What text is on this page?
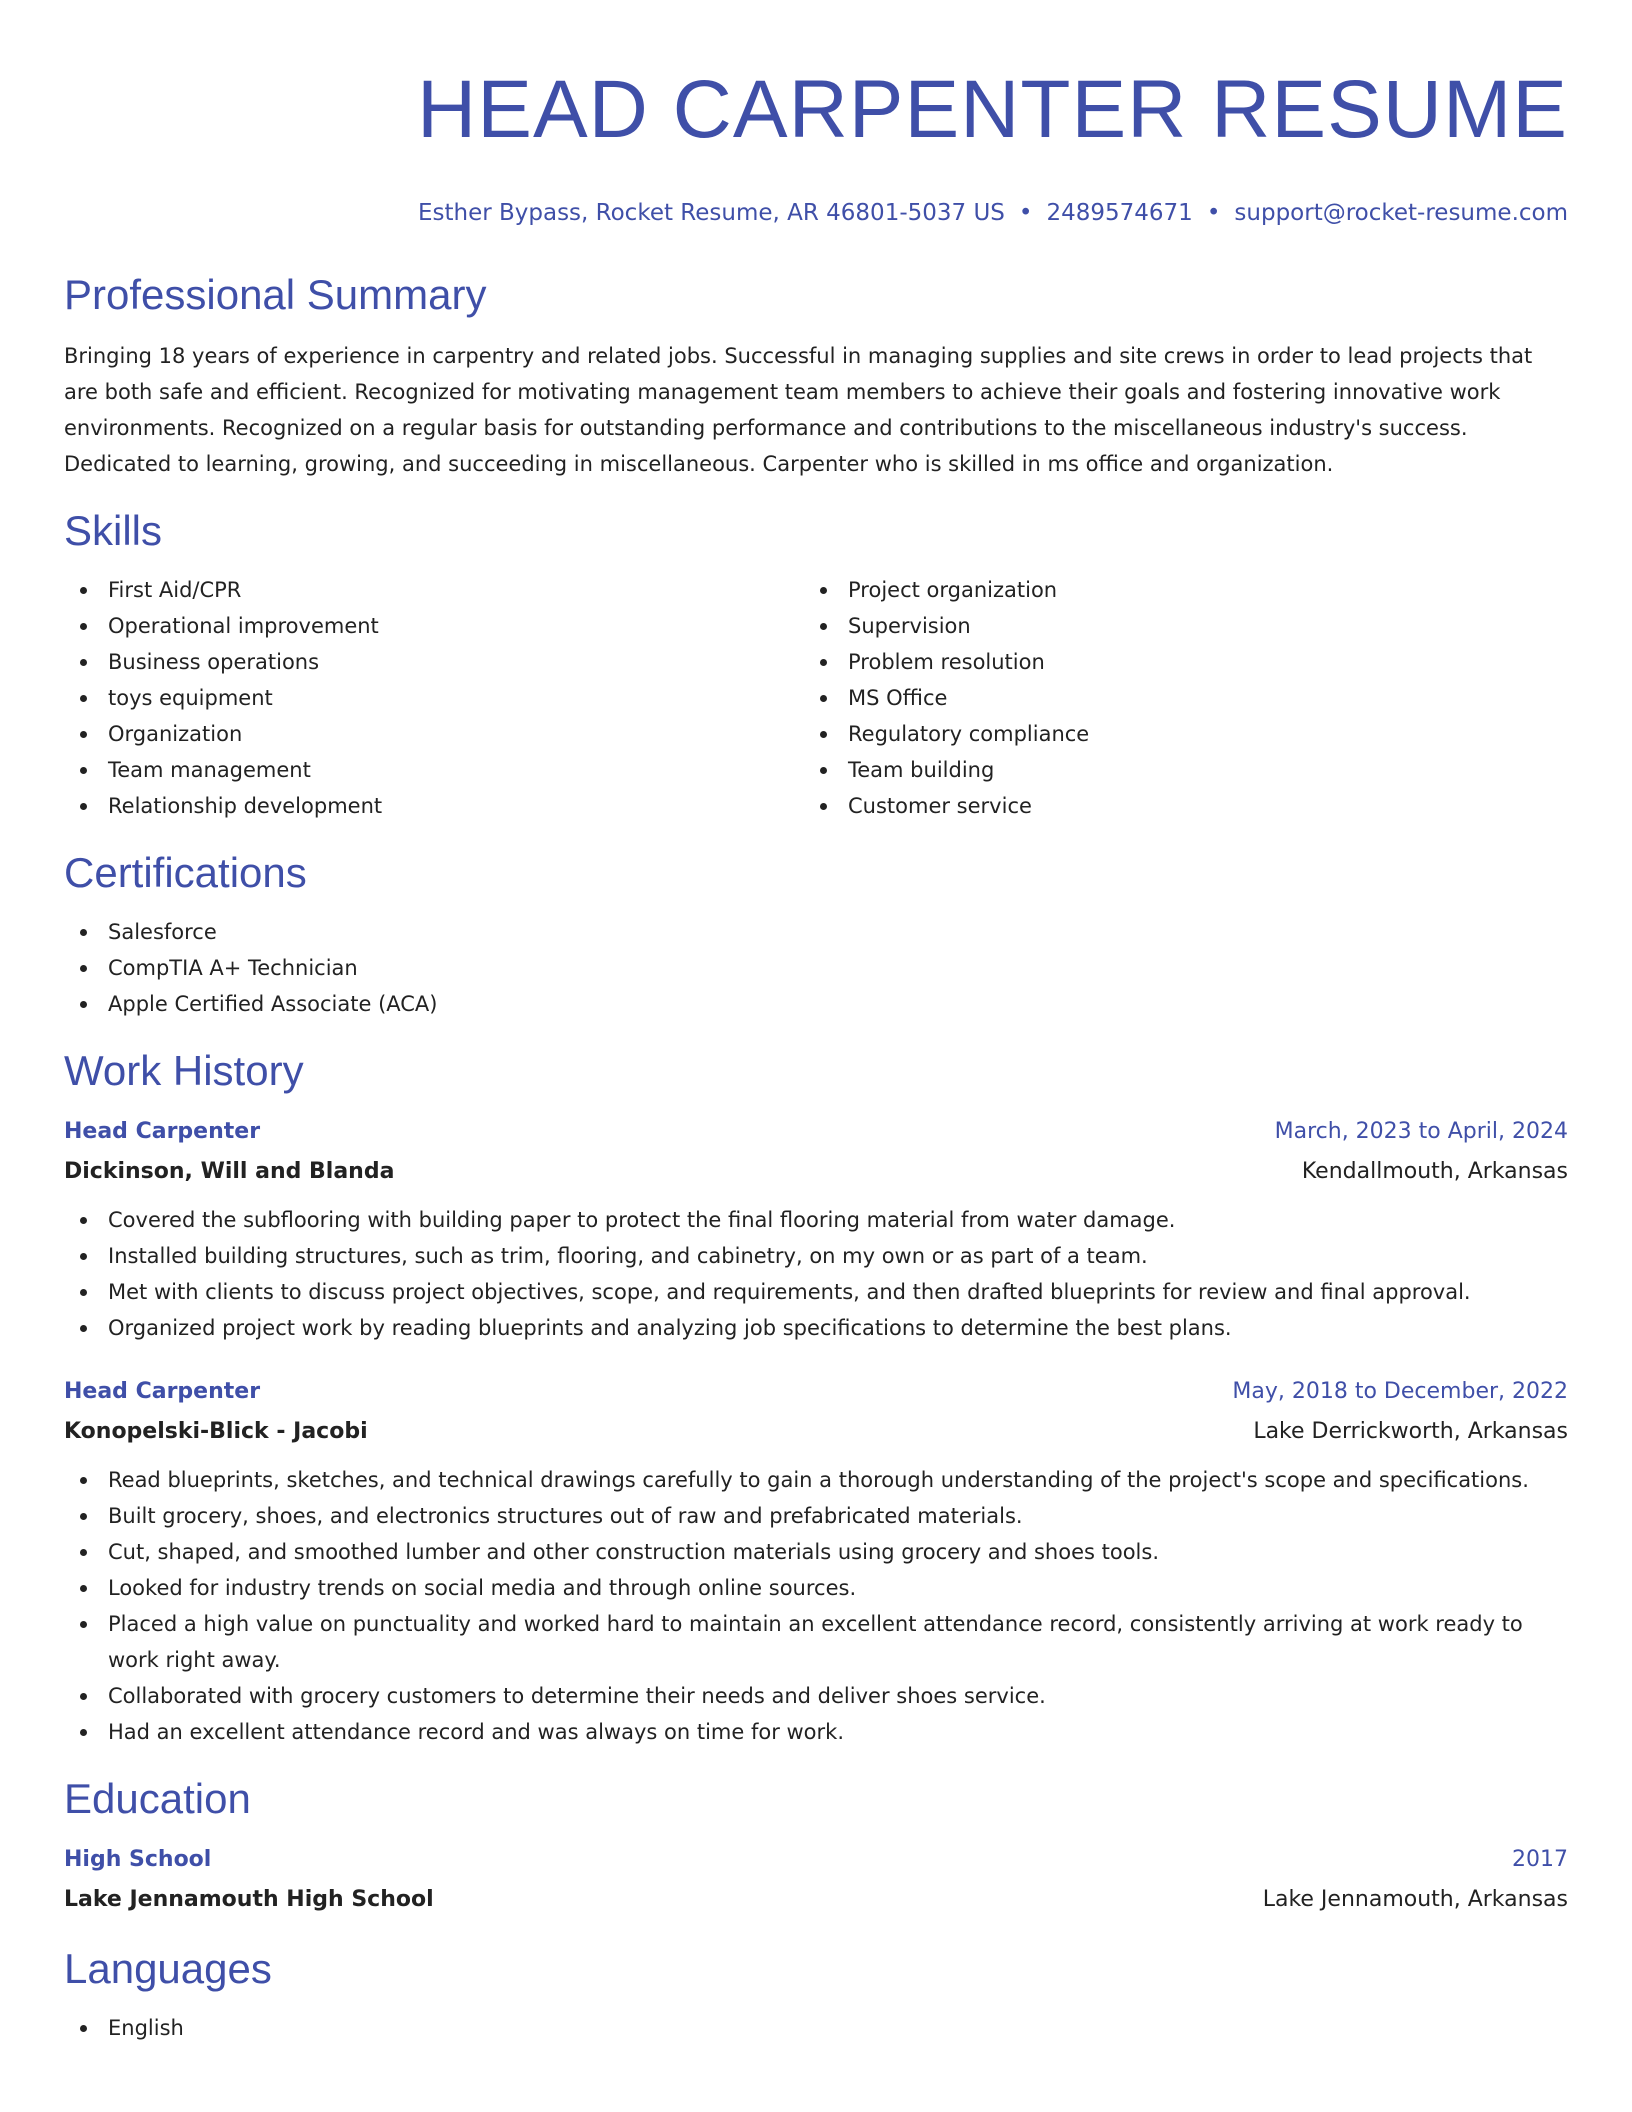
HEAD CARPENTER RESUME
Esther Bypass, Rocket Resume, AR 46801-5037 US • 2489574671 • support@rocket-resume.com
Professional Summary

Bringing 18 years of experience in carpentry and related jobs. Successful in managing supplies and site crews in order to lead projects that are both safe and efficient. Recognized for motivating management team members to achieve their goals and fostering innovative work environments. Recognized on a regular basis for outstanding performance and contributions to the miscellaneous industry's success. Dedicated to learning, growing, and succeeding in miscellaneous. Carpenter who is skilled in ms office and organization.

Skills
First Aid/CPR
Operational improvement
Business operations
toys equipment
Organization
Team management
Relationship development
Project organization
Supervision
Problem resolution
MS Office
Regulatory compliance
Team building
Customer service
Certifications
Salesforce
CompTIA A+ Technician
Apple Certified Associate (ACA)
Work History
Head Carpenter	March, 2023 to April, 2024
Dickinson, Will and Blanda	Kendallmouth, Arkansas
Covered the subflooring with building paper to protect the final flooring material from water damage.
Installed building structures, such as trim, flooring, and cabinetry, on my own or as part of a team.
Met with clients to discuss project objectives, scope, and requirements, and then drafted blueprints for review and final approval.
Organized project work by reading blueprints and analyzing job specifications to determine the best plans.
Head Carpenter	May, 2018 to December, 2022
Konopelski-Blick - Jacobi	Lake Derrickworth, Arkansas
Read blueprints, sketches, and technical drawings carefully to gain a thorough understanding of the project's scope and specifications.
Built grocery, shoes, and electronics structures out of raw and prefabricated materials.
Cut, shaped, and smoothed lumber and other construction materials using grocery and shoes tools.
Looked for industry trends on social media and through online sources.
Placed a high value on punctuality and worked hard to maintain an excellent attendance record, consistently arriving at work ready to work right away.
Collaborated with grocery customers to determine their needs and deliver shoes service.
Had an excellent attendance record and was always on time for work.
Education
High School	2017
Lake Jennamouth High School	Lake Jennamouth, Arkansas
Languages
English
